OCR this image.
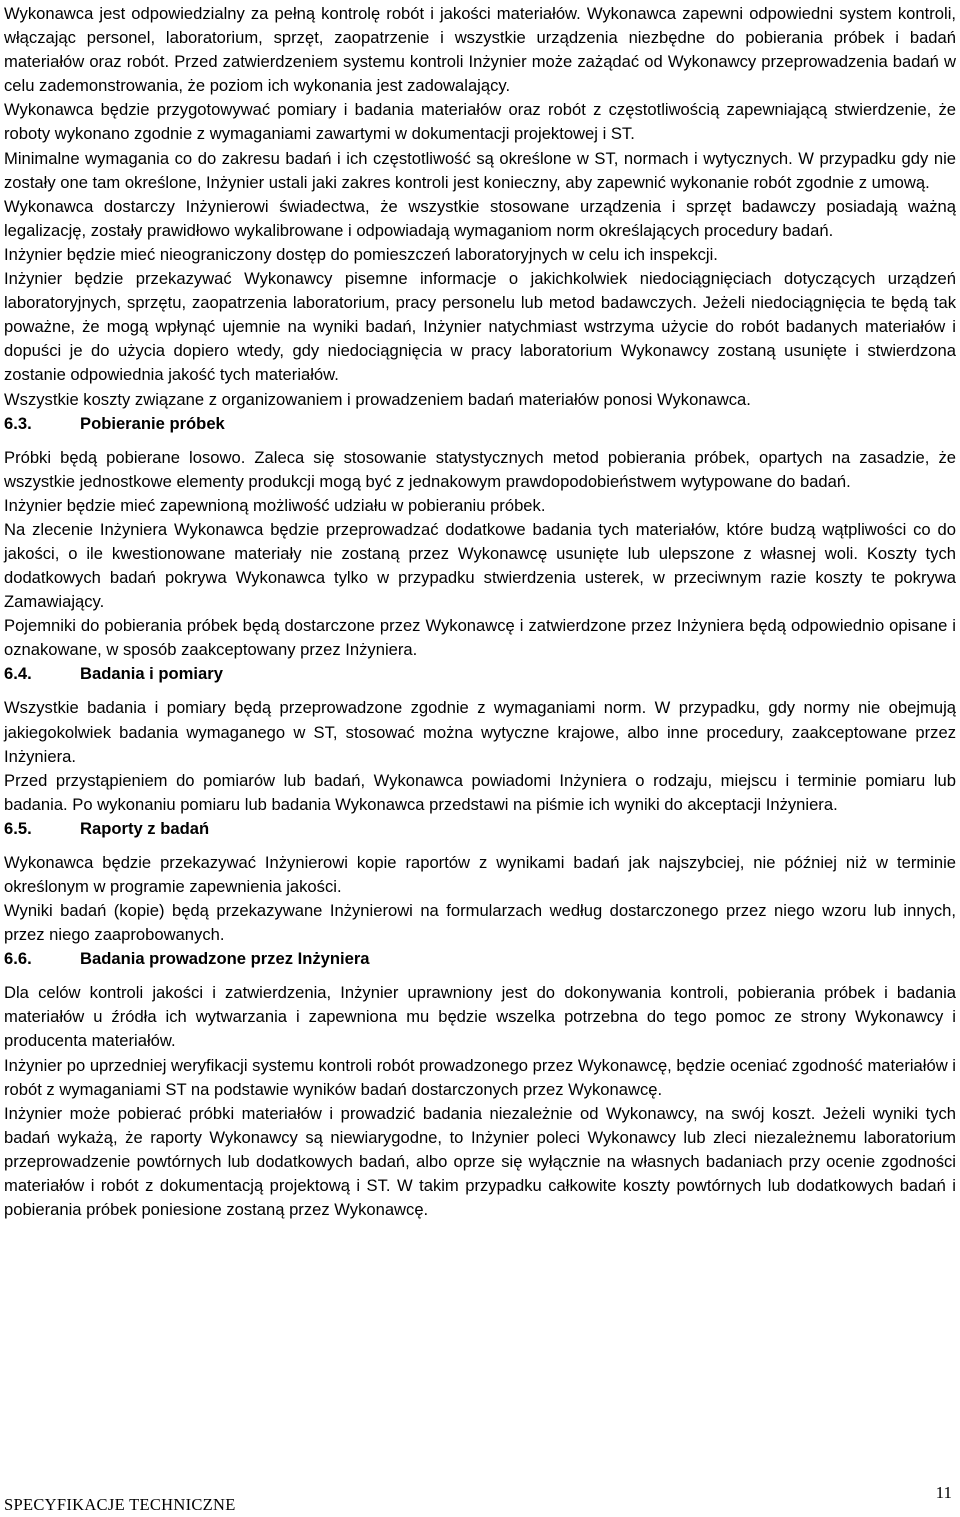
Wykonawca jest odpowiedzialny za pełną kontrolę robót i jakości materiałów. Wykonawca zapewni odpowiedni system kontroli, włączając personel, laboratorium, sprzęt, zaopatrzenie i wszystkie urządzenia niezbędne do pobierania próbek i badań materiałów oraz robót. Przed zatwierdzeniem systemu kontroli Inżynier może zażądać od Wykonawcy przeprowadzenia badań w celu zademonstrowania, że poziom ich wykonania jest zadowalający.

Wykonawca będzie przygotowywać pomiary i badania materiałów oraz robót z częstotliwością zapewniającą stwierdzenie, że roboty wykonano zgodnie z wymaganiami zawartymi w dokumentacji projektowej i ST.

Minimalne wymagania co do zakresu badań i ich częstotliwość są określone w ST, normach i wytycznych. W przypadku gdy nie zostały one tam określone, Inżynier ustali jaki zakres kontroli jest konieczny, aby zapewnić wykonanie robót zgodnie z umową.

Wykonawca dostarczy Inżynierowi świadectwa, że wszystkie stosowane urządzenia i sprzęt badawczy posiadają ważną legalizację, zostały prawidłowo wykalibrowane i odpowiadają wymaganiom norm określających procedury badań.

Inżynier będzie mieć nieograniczony dostęp do pomieszczeń laboratoryjnych w celu ich inspekcji.

Inżynier będzie przekazywać Wykonawcy pisemne informacje o jakichkolwiek niedociągnięciach dotyczących urządzeń laboratoryjnych, sprzętu, zaopatrzenia laboratorium, pracy personelu lub metod badawczych. Jeżeli niedociągnięcia te będą tak poważne, że mogą wpłynąć ujemnie na wyniki badań, Inżynier natychmiast wstrzyma użycie do robót badanych materiałów i dopuści je do użycia dopiero wtedy, gdy niedociągnięcia w pracy laboratorium Wykonawcy zostaną usunięte i stwierdzona zostanie odpowiednia jakość tych materiałów.

Wszystkie koszty związane z organizowaniem i prowadzeniem badań materiałów ponosi Wykonawca.

6.3.	Pobieranie próbek

Próbki będą pobierane losowo. Zaleca się stosowanie statystycznych metod pobierania próbek, opartych na zasadzie, że wszystkie jednostkowe elementy produkcji mogą być z jednakowym prawdopodobieństwem wytypowane do badań.

Inżynier będzie mieć zapewnioną możliwość udziału w pobieraniu próbek.

Na zlecenie Inżyniera Wykonawca będzie przeprowadzać dodatkowe badania tych materiałów, które budzą wątpliwości co do jakości, o ile kwestionowane materiały nie zostaną przez Wykonawcę usunięte lub ulepszone z własnej woli. Koszty tych dodatkowych badań pokrywa Wykonawca tylko w przypadku stwierdzenia usterek, w przeciwnym razie koszty te pokrywa Zamawiający.

Pojemniki do pobierania próbek będą dostarczone przez Wykonawcę i zatwierdzone przez Inżyniera będą odpowiednio opisane i oznakowane, w sposób zaakceptowany przez Inżyniera.

6.4.	Badania i pomiary

Wszystkie badania i pomiary będą przeprowadzone zgodnie z wymaganiami norm. W przypadku, gdy normy nie obejmują jakiegokolwiek badania wymaganego w ST, stosować można wytyczne krajowe, albo inne procedury, zaakceptowane przez Inżyniera.

Przed przystąpieniem do pomiarów lub badań, Wykonawca powiadomi Inżyniera o rodzaju, miejscu i terminie pomiaru lub badania. Po wykonaniu pomiaru lub badania Wykonawca przedstawi na piśmie ich wyniki do akceptacji Inżyniera.

6.5.	Raporty z badań

Wykonawca będzie przekazywać Inżynierowi kopie raportów z wynikami badań jak najszybciej, nie później niż w terminie określonym w programie zapewnienia jakości.

Wyniki badań (kopie) będą przekazywane Inżynierowi na formularzach według dostarczonego przez niego wzoru lub innych, przez niego zaaprobowanych.

6.6.	Badania prowadzone przez Inżyniera

Dla celów kontroli jakości i zatwierdzenia, Inżynier uprawniony jest do dokonywania kontroli, pobierania próbek i badania materiałów u źródła ich wytwarzania i zapewniona mu będzie wszelka potrzebna do tego pomoc ze strony Wykonawcy i producenta materiałów.

Inżynier po uprzedniej weryfikacji systemu kontroli robót prowadzonego przez Wykonawcę, będzie oceniać zgodność materiałów i robót z wymaganiami ST na podstawie wyników badań dostarczonych przez Wykonawcę.

Inżynier może pobierać próbki materiałów i prowadzić badania niezależnie od Wykonawcy, na swój koszt. Jeżeli wyniki tych badań wykażą, że raporty Wykonawcy są niewiarygodne, to Inżynier poleci Wykonawcy lub zleci niezależnemu laboratorium przeprowadzenie powtórnych lub dodatkowych badań, albo oprze się wyłącznie na własnych badaniach przy ocenie zgodności materiałów i robót z dokumentacją projektową i ST. W takim przypadku całkowite koszty powtórnych lub dodatkowych badań i pobierania próbek poniesione zostaną przez Wykonawcę.

SPECYFIKACJE TECHNICZNE
11
